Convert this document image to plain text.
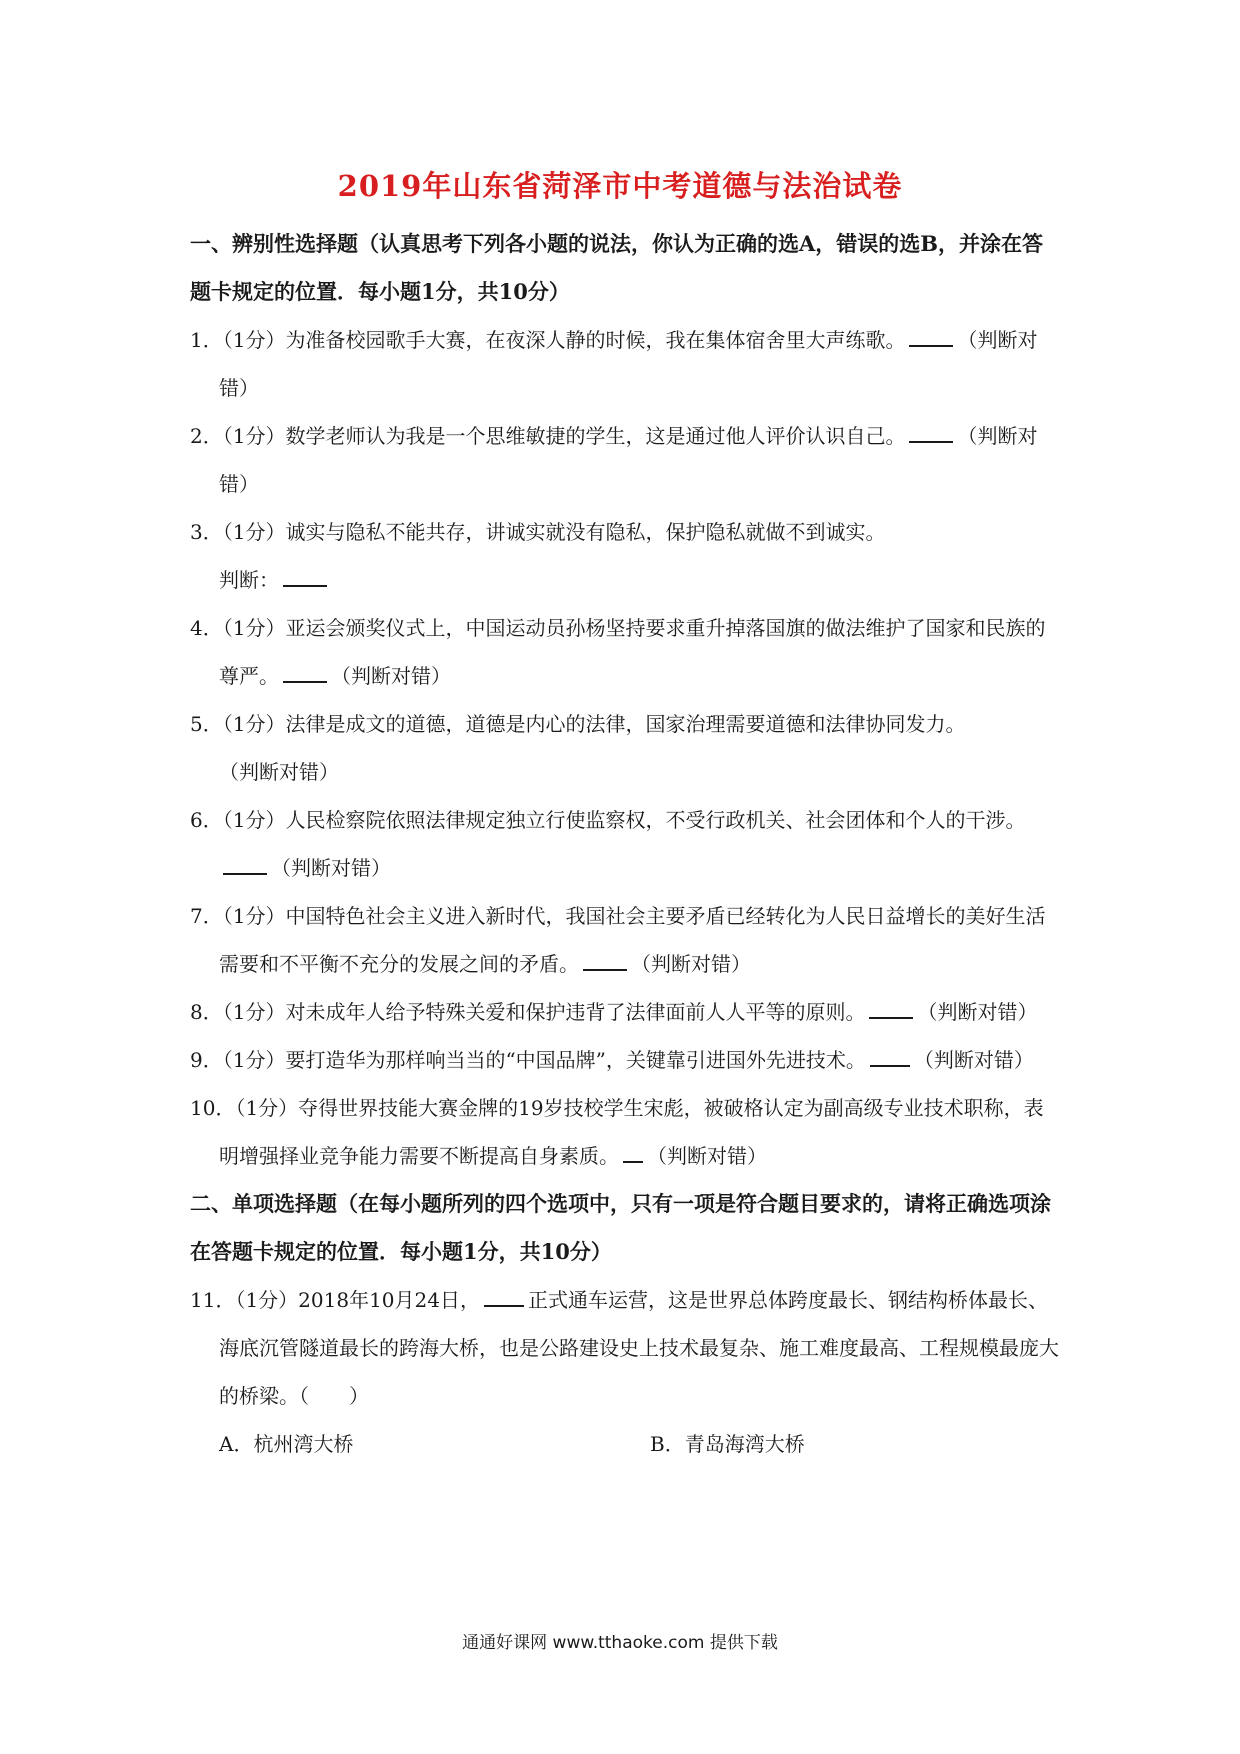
2019年山东省菏泽市中考道德与法治试卷

一、辨别性选择题（认真思考下列各小题的说法，你认为正确的选A，错误的选B，并涂在答题卡规定的位置．每小题1分，共10分）

1．（1分）为准备校园歌手大赛，在夜深人静的时候，我在集体宿舍里大声练歌。	（判断对错）

2．（1分）数学老师认为我是一个思维敏捷的学生，这是通过他人评价认识自己。	（判断对错）

3．（1分）诚实与隐私不能共存，讲诚实就没有隐私，保护隐私就做不到诚实。

判断：

4．（1分）亚运会颁奖仪式上，中国运动员孙杨坚持要求重升掉落国旗的做法维护了国家和民族的尊严。	（判断对错）

5．（1分）法律是成文的道德，道德是内心的法律，国家治理需要道德和法律协同发力。
（判断对错）

6．（1分）人民检察院依照法律规定独立行使监察权，不受行政机关、社会团体和个人的干涉。（判断对错）

7．（1分）中国特色社会主义进入新时代，我国社会主要矛盾已经转化为人民日益增长的美好生活需要和不平衡不充分的发展之间的矛盾。	（判断对错）

8．（1分）对未成年人给予特殊关爱和保护违背了法律面前人人平等的原则。	（判断对错）

9．（1分）要打造华为那样响当当的“中国品牌”，关键靠引进国外先进技术。 （判断对错）

10．（1分）夺得世界技能大赛金牌的19岁技校学生宋彪，被破格认定为副高级专业技术职称，表明增强择业竞争能力需要不断提高自身素质。 （判断对错）

二、单项选择题（在每小题所列的四个选项中，只有一项是符合题目要求的，请将正确选项涂在答题卡规定的位置．每小题1分，共10分）

11．（1分）2018年10月24日， 正式通车运营，这是世界总体跨度最长、钢结构桥体最长、海底沉管隧道最长的跨海大桥，也是公路建设史上技术最复杂、施工难度最高、工程规模最庞大的桥梁。（　　）

A．杭州湾大桥	B．青岛海湾大桥
通通好课网 www.tthaoke.com 提供下载
